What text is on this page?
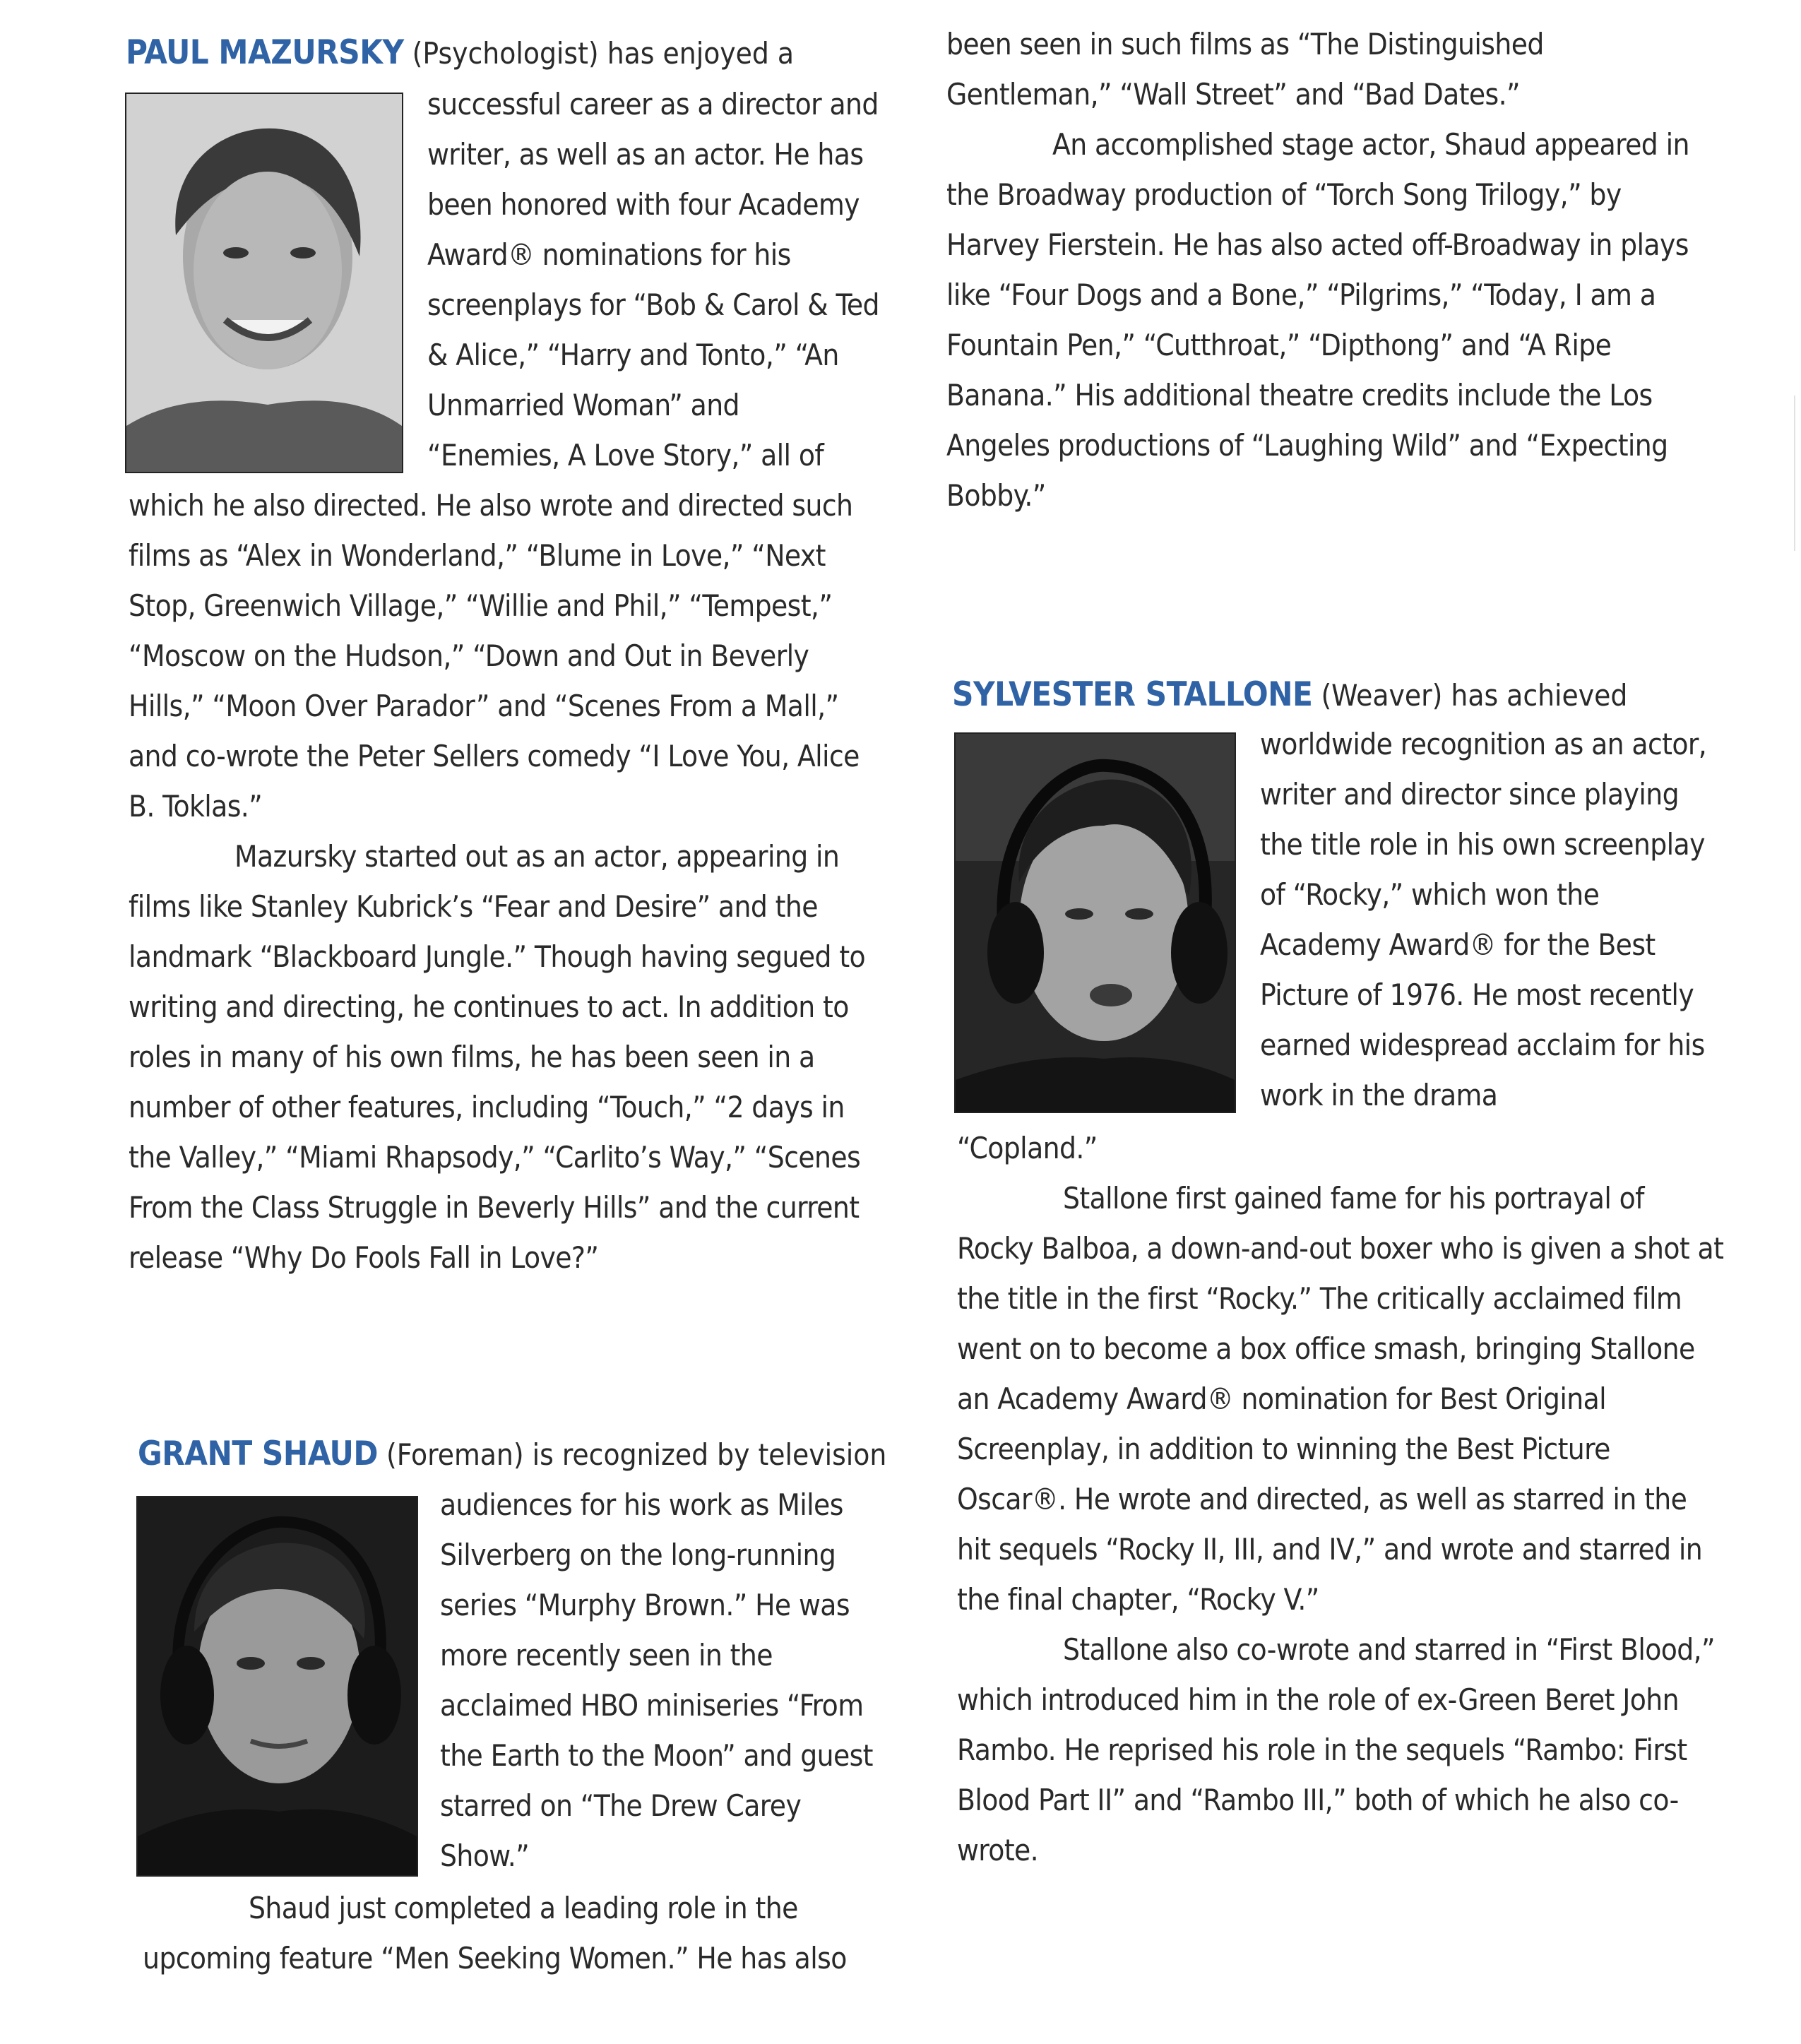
PAUL MAZURSKY (Psychologist) has enjoyed a

successful career as a director and writer, as well as an actor. He has been honored with four Academy Award® nominations for his screenplays for “Bob & Carol & Ted & Alice,” “Harry and Tonto,” “An Unmarried Woman” and “Enemies, A Love Story,” all of

which he also directed. He also wrote and directed such films as “Alex in Wonderland,” “Blume in Love,” “Next Stop, Greenwich Village,” “Willie and Phil,” “Tempest,” “Moscow on the Hudson,” “Down and Out in Beverly Hills,” “Moon Over Parador” and “Scenes From a Mall,” and co-wrote the Peter Sellers comedy “I Love You, Alice B. Toklas.”

Mazursky started out as an actor, appearing in films like Stanley Kubrick’s “Fear and Desire” and the landmark “Blackboard Jungle.” Though having segued to writing and directing, he continues to act. In addition to roles in many of his own films, he has been seen in a number of other features, including “Touch,” “2 days in the Valley,” “Miami Rhapsody,” “Carlito’s Way,” “Scenes From the Class Struggle in Beverly Hills” and the current release “Why Do Fools Fall in Love?”

GRANT SHAUD (Foreman) is recognized by television

audiences for his work as Miles Silverberg on the long-running series “Murphy Brown.” He was more recently seen in the acclaimed HBO miniseries “From the Earth to the Moon” and guest starred on “The Drew Carey Show.”

Shaud just completed a leading role in the upcoming feature “Men Seeking Women.” He has also

been seen in such films as “The Distinguished Gentleman,” “Wall Street” and “Bad Dates.”

An accomplished stage actor, Shaud appeared in the Broadway production of “Torch Song Trilogy,” by Harvey Fierstein. He has also acted off-Broadway in plays like “Four Dogs and a Bone,” “Pilgrims,” “Today, I am a Fountain Pen,” “Cutthroat,” “Dipthong” and “A Ripe Banana.” His additional theatre credits include the Los Angeles productions of “Laughing Wild” and “Expecting Bobby.”

SYLVESTER STALLONE (Weaver) has achieved

worldwide recognition as an actor, writer and director since playing the title role in his own screenplay of “Rocky,” which won the Academy Award® for the Best Picture of 1976. He most recently earned widespread acclaim for his work in the drama

“Copland.”

Stallone first gained fame for his portrayal of Rocky Balboa, a down-and-out boxer who is given a shot at the title in the first “Rocky.” The critically acclaimed film went on to become a box office smash, bringing Stallone an Academy Award® nomination for Best Original Screenplay, in addition to winning the Best Picture Oscar®. He wrote and directed, as well as starred in the hit sequels “Rocky II, III, and IV,” and wrote and starred in the final chapter, “Rocky V.”

Stallone also co-wrote and starred in “First Blood,” which introduced him in the role of ex-Green Beret John Rambo. He reprised his role in the sequels “Rambo: First Blood Part II” and “Rambo III,” both of which he also co-wrote.
